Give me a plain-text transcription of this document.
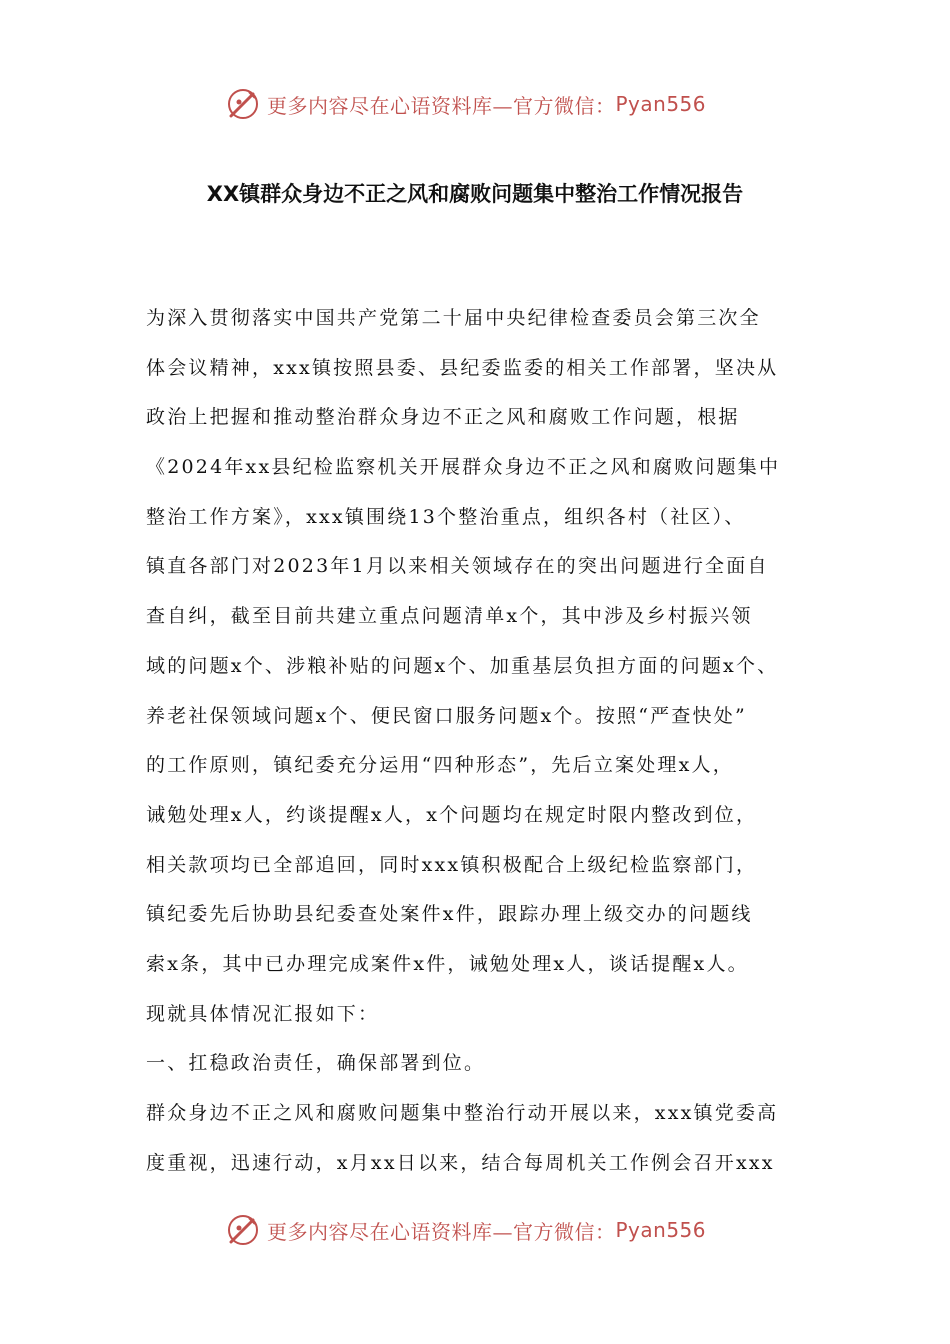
更多内容尽在心语资料库—官方微信： Pyan556
XX镇群众身边不正之风和腐败问题集中整治工作情况报告
为深入贯彻落实中国共产党第二十届中央纪律检查委员会第三次全
体会议精神，xxx镇按照县委、县纪委监委的相关工作部署，坚决从
政治上把握和推动整治群众身边不正之风和腐败工作问题，根据
《2024年xx县纪检监察机关开展群众身边不正之风和腐败问题集中
整治工作方案》，xxx镇围绕13个整治重点，组织各村（社区）、
镇直各部门对2023年1月以来相关领域存在的突出问题进行全面自
查自纠，截至目前共建立重点问题清单x个，其中涉及乡村振兴领
域的问题x个、涉粮补贴的问题x个、加重基层负担方面的问题x个、
养老社保领域问题x个、便民窗口服务问题x个。按照“严查快处”
的工作原则，镇纪委充分运用“四种形态”，先后立案处理x人，
诫勉处理x人，约谈提醒x人，x个问题均在规定时限内整改到位，
相关款项均已全部追回，同时xxx镇积极配合上级纪检监察部门，
镇纪委先后协助县纪委查处案件x件，跟踪办理上级交办的问题线
索x条，其中已办理完成案件x件，诫勉处理x人，谈话提醒x人。
现就具体情况汇报如下：
一、扛稳政治责任，确保部署到位。
群众身边不正之风和腐败问题集中整治行动开展以来，xxx镇党委高
度重视，迅速行动，x月xx日以来，结合每周机关工作例会召开xxx
更多内容尽在心语资料库—官方微信： Pyan556
